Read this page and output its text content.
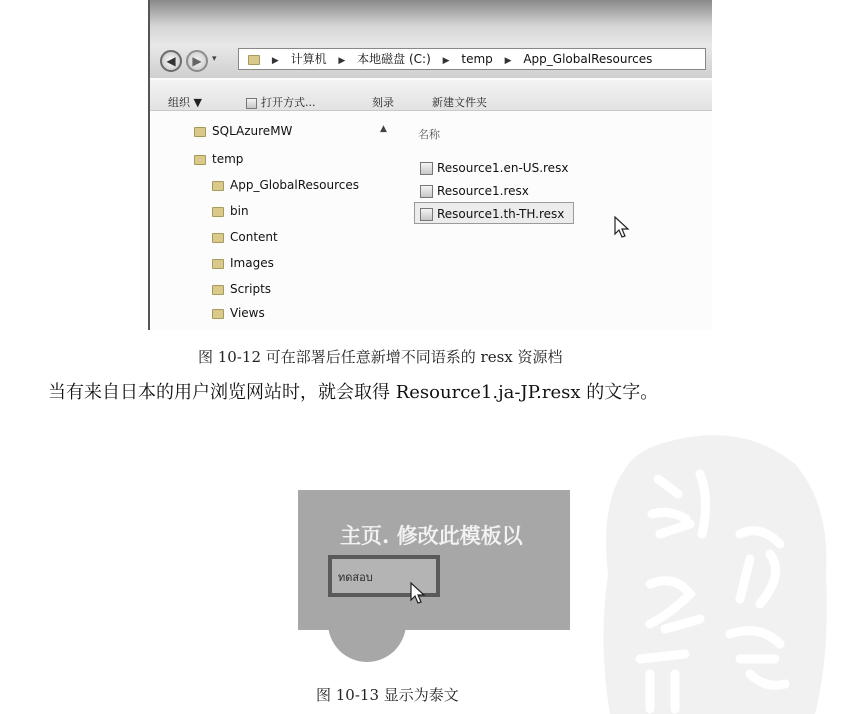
◀ ▶ ▾	▶ 计算机 ▶ 本地磁盘 (C:) ▶ temp ▶ App_GlobalResources
组织 ▼	打开方式...	刻录	新建文件夹
SQLAzureMW	▲
temp
App_GlobalResources
bin
Content
Images
Scripts
Views
名称
Resource1.en-US.resx
Resource1.resx
Resource1.th-TH.resx
图 10-12 可在部署后任意新增不同语系的 resx 资源档
当有来自日本的用户浏览网站时，就会取得 Resource1.ja-JP.resx 的文字。
主页. 修改此模板以
ทดสอบ
图 10-13 显示为泰文
